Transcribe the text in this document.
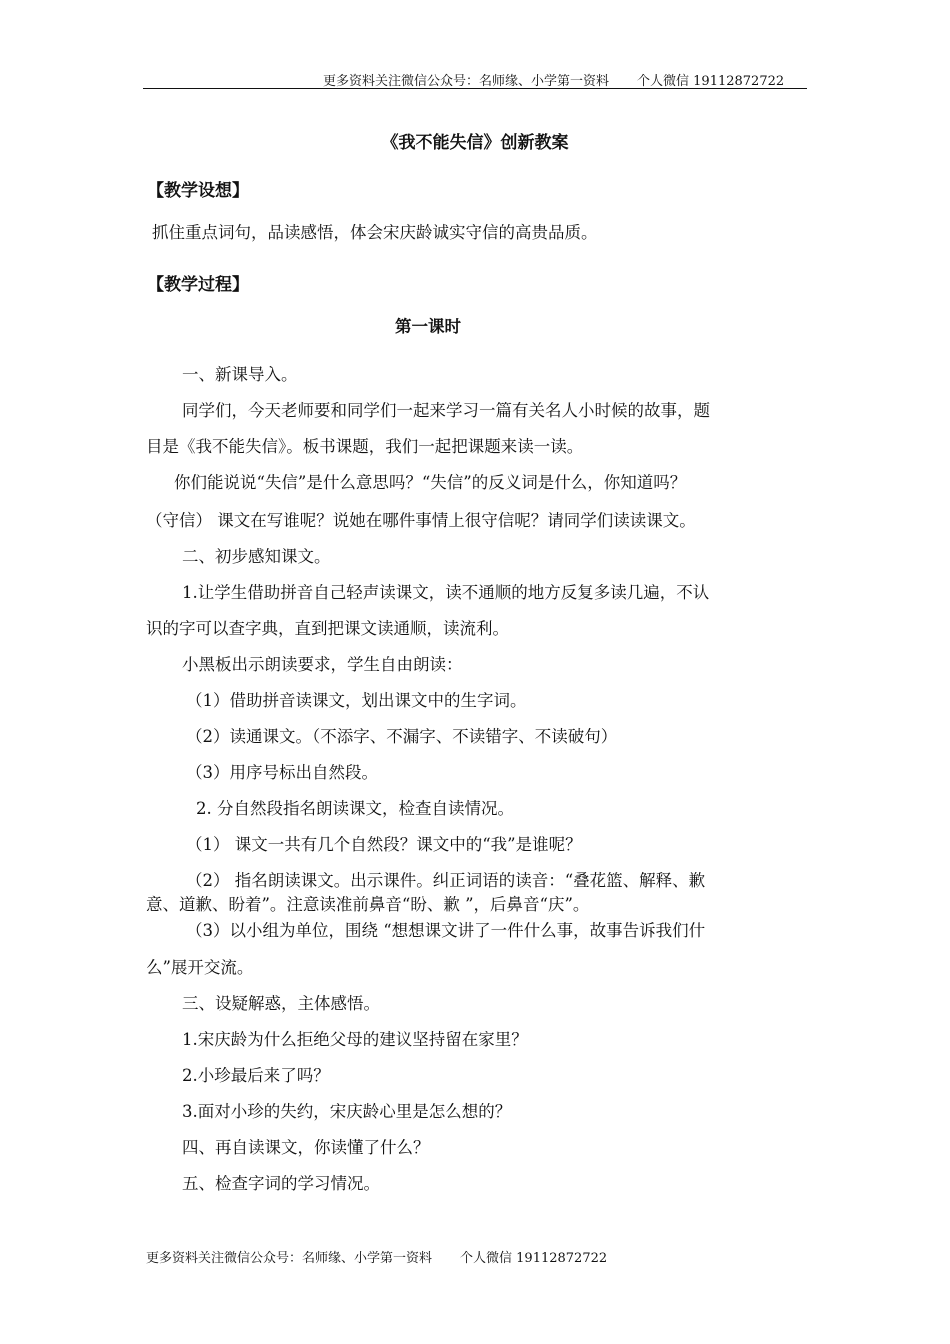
更多资料关注微信公众号：名师缘、小学第一资料 个人微信 19112872722
《我不能失信》创新教案
【教学设想】
抓住重点词句，品读感悟，体会宋庆龄诚实守信的高贵品质。
【教学过程】
第一课时
一、新课导入。
同学们，今天老师要和同学们一起来学习一篇有关名人小时候的故事，题
目是《我不能失信》。板书课题，我们一起把课题来读一读。
你们能说说“失信”是什么意思吗？“失信”的反义词是什么，你知道吗？
（守信） 课文在写谁呢？说她在哪件事情上很守信呢？请同学们读读课文。
二、初步感知课文。
1.让学生借助拼音自己轻声读课文，读不通顺的地方反复多读几遍，不认
识的字可以查字典，直到把课文读通顺，读流利。
小黑板出示朗读要求，学生自由朗读：
（1）借助拼音读课文，划出课文中的生字词。
（2）读通课文。（不添字、不漏字、不读错字、不读破句）
（3）用序号标出自然段。
2. 分自然段指名朗读课文，检查自读情况。
（1） 课文一共有几个自然段？课文中的“我”是谁呢？
（2） 指名朗读课文。出示课件。纠正词语的读音：“叠花篮、解释、歉
意、道歉、盼着”。注意读准前鼻音“盼、歉 ”，后鼻音“庆”。
（3）以小组为单位，围绕 “想想课文讲了一件什么事，故事告诉我们什
么”展开交流。
三、设疑解惑，主体感悟。
1.宋庆龄为什么拒绝父母的建议坚持留在家里？
2.小珍最后来了吗？
3.面对小珍的失约，宋庆龄心里是怎么想的？
四、再自读课文，你读懂了什么？
五、检查字词的学习情况。
更多资料关注微信公众号：名师缘、小学第一资料 个人微信 19112872722
